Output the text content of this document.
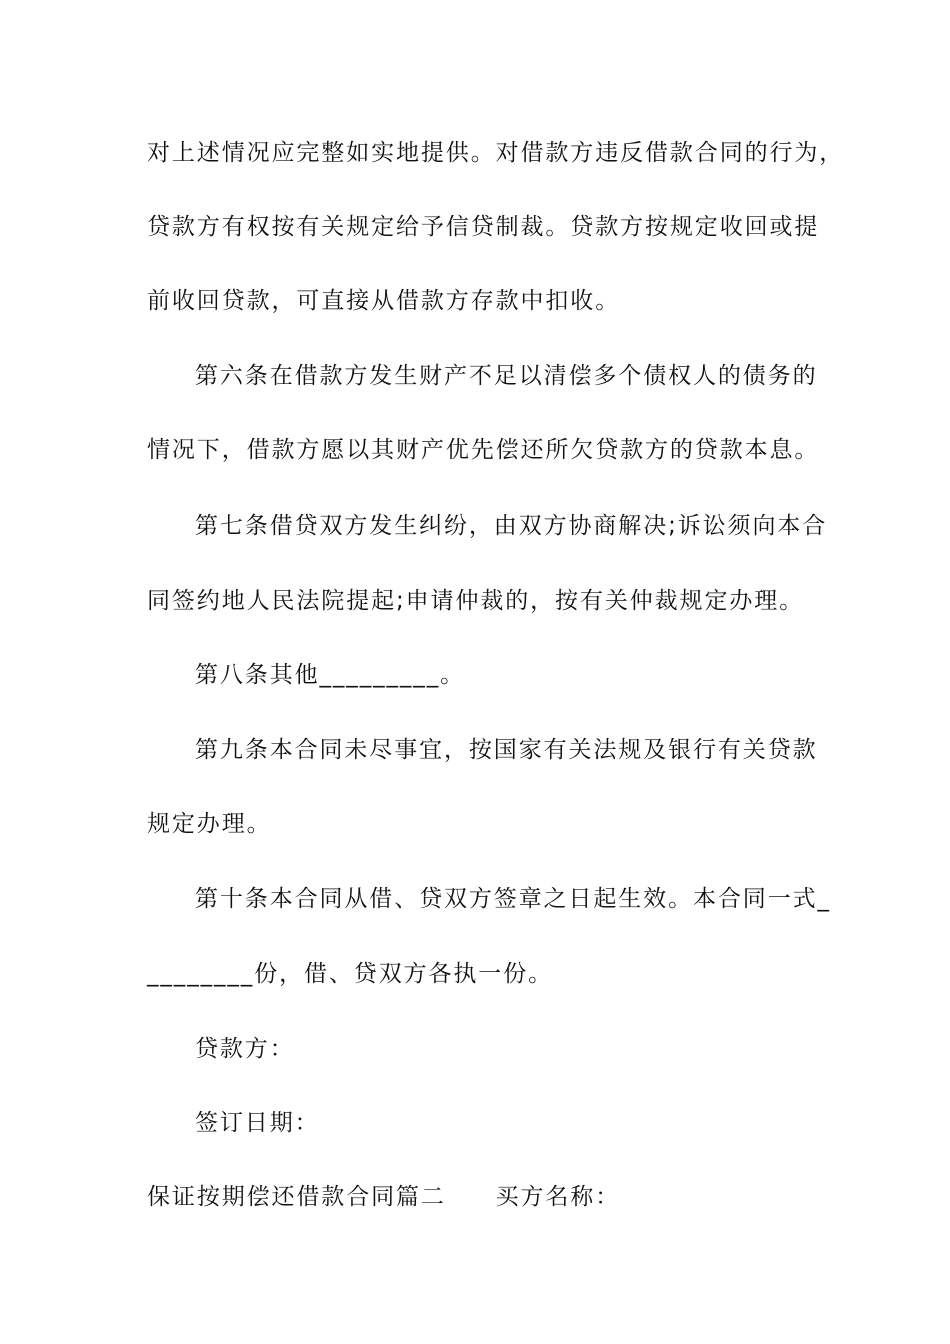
对上述情况应完整如实地提供。对借款方违反借款合同的行为，
贷款方有权按有关规定给予信贷制裁。贷款方按规定收回或提
前收回贷款，可直接从借款方存款中扣收。
第六条在借款方发生财产不足以清偿多个债权人的债务的
情况下，借款方愿以其财产优先偿还所欠贷款方的贷款本息。
第七条借贷双方发生纠纷，由双方协商解决;诉讼须向本合
同签约地人民法院提起;申请仲裁的，按有关仲裁规定办理。
第八条其他_________。
第九条本合同未尽事宜，按国家有关法规及银行有关贷款
规定办理。
第十条本合同从借、贷双方签章之日起生效。本合同一式_
________份，借、贷双方各执一份。
贷款方：
签订日期：
保证按期偿还借款合同篇二　　买方名称：
